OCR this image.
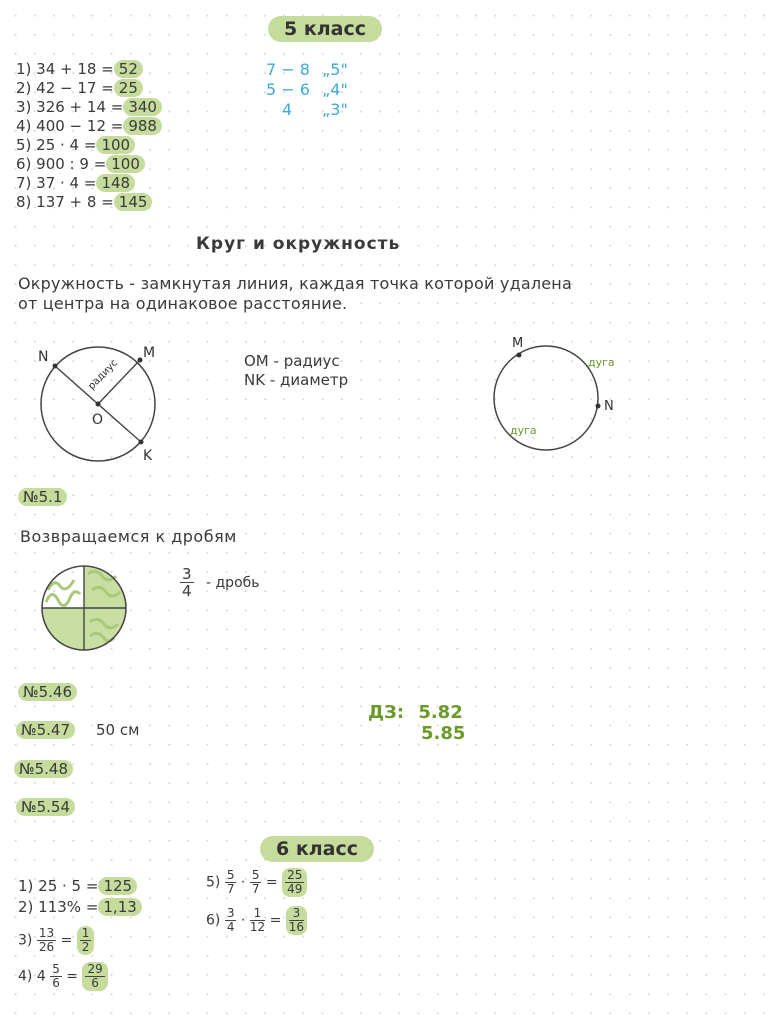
5 класс
1) 34 + 18 = 52
2) 42 − 17 = 25
3) 326 + 14 = 340
4) 400 − 12 = 988
5) 25 · 4 = 100
6) 900 : 9 = 100
7) 37 · 4 = 148
8) 137 + 8 = 145
7 − 8 „5"
5 − 6 „4"
4 „3"
Круг и окружность
Окружность - замкнутая линия, каждая точка которой удалена
от центра на одинаковое расстояние.
N	M
O
K
радиус	OM - радиус
NK - диаметр
M
N
дуга
дуга
№5.1
Возвращаемся к дробям
$\frac{3}{4}$ - дробь
№5.46
№5.47	50 см
№5.48
№5.54
ДЗ: 5.82
5.85
6 класс
1) 25 · 5 = 125
2) 113% = 1,13
$3) \frac{13}{26} = \frac{1}{2}$
4) $4 \frac{5}{6} = \frac{29}{6}$
$5) \frac{5}{7} \cdot \frac{5}{7} = \frac{25}{49}$
$6) \frac{3}{4} \cdot \frac{1}{12} = \frac{3}{16}$
